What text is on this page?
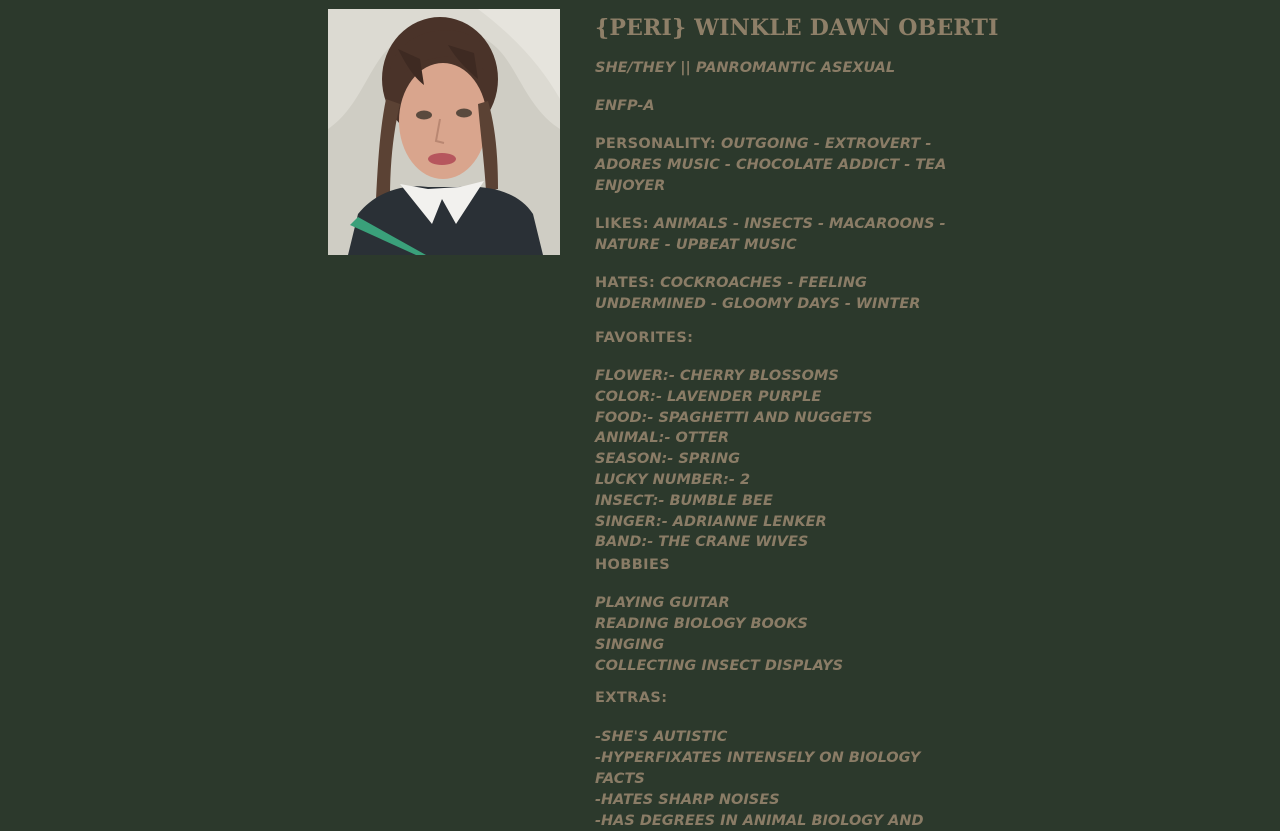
{PERI} WINKLE DAWN OBERTI

SHE/THEY || PANROMANTIC ASEXUAL

ENFP-A

PERSONALITY: OUTGOING - EXTROVERT - ADORES MUSIC - CHOCOLATE ADDICT - TEA ENJOYER

LIKES: ANIMALS - INSECTS - MACAROONS - NATURE - UPBEAT MUSIC

HATES: COCKROACHES - FEELING UNDERMINED - GLOOMY DAYS - WINTER

FAVORITES:
FLOWER:- CHERRY BLOSSOMS
COLOR:- LAVENDER PURPLE
FOOD:- SPAGHETTI AND NUGGETS
ANIMAL:- OTTER
SEASON:- SPRING
LUCKY NUMBER:- 2
INSECT:- BUMBLE BEE
SINGER:- ADRIANNE LENKER
BAND:- THE CRANE WIVES
HOBBIES
PLAYING GUITAR
READING BIOLOGY BOOKS
SINGING
COLLECTING INSECT DISPLAYS
EXTRAS:
-SHE'S AUTISTIC
-HYPERFIXATES INTENSELY ON BIOLOGY FACTS
-HATES SHARP NOISES
-HAS DEGREES IN ANIMAL BIOLOGY AND
